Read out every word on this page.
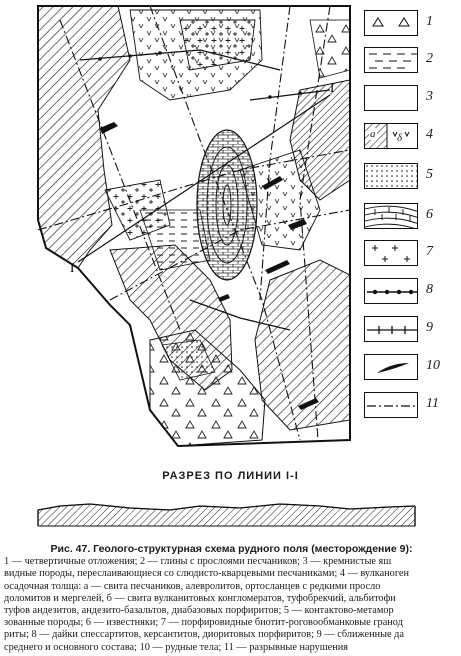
I
I
1
2
3
a δ 4
5
6
7
8
9
10
11
РАЗРЕЗ ПО ЛИНИИ I-I
Рис. 47. Геолого-структурная схема рудного поля (месторождение 9):
1 — четвертичные отложения; 2 — глины с прослоями песчаников; 3 — кремнистые яш
видные породы, переслаивающиеся со слюдисто-кварцевыми песчаниками; 4 — вулканоген
осадочная толща: а — свита песчаников, алевролитов, ортосланцев с редкими просло
доломитов и мергелей, б — свита вулканитовых конгломератов, туфобрекчий, альбитофи
туфов андезитов, андезито-базальтов, диабазовых порфиритов; 5 — контактово-метамор
зованные породы; 6 — известняки; 7 — порфировидные биотит-роговообманковые гранод
риты; 8 — дайки спессартитов, керсантитов, диоритовых порфиритов; 9 — сближенные да
среднего и основного состава; 10 — рудные тела; 11 — разрывные нарушения
